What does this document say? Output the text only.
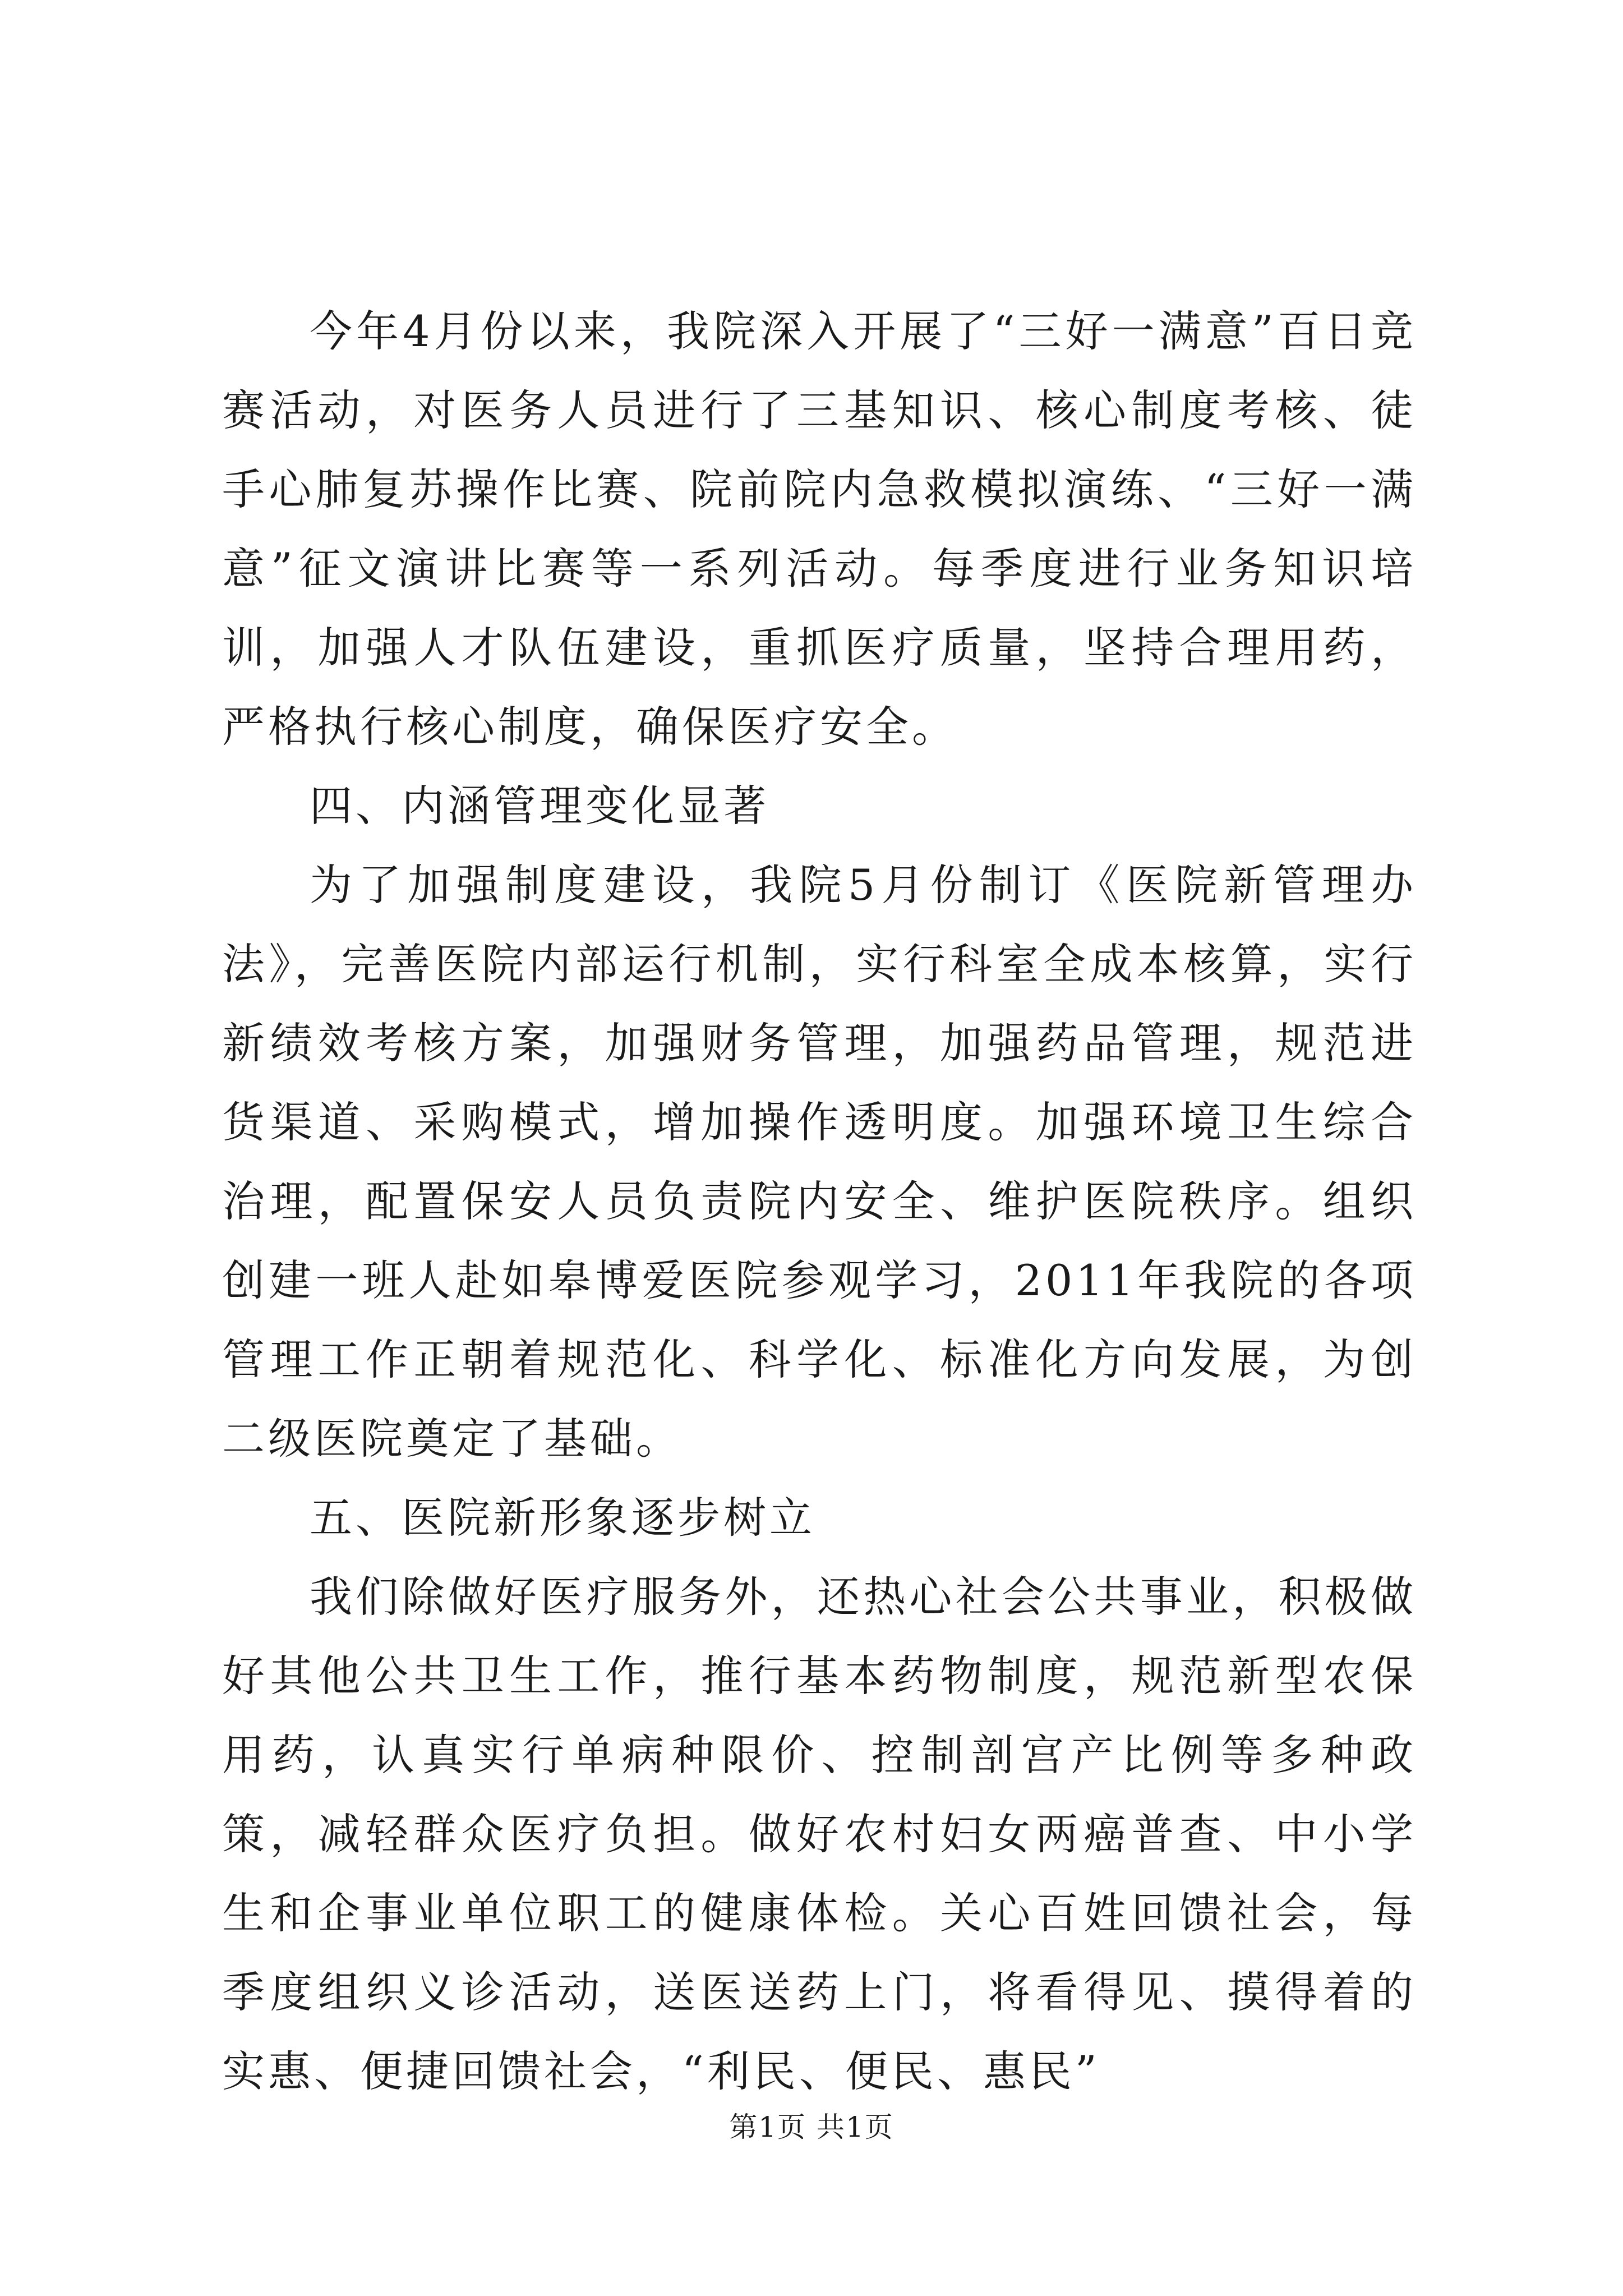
今年4月份以来，我院深入开展了“三好一满意”百日竞赛活动，对医务人员进行了三基知识、核心制度考核、徒手心肺复苏操作比赛、院前院内急救模拟演练、“三好一满意”征文演讲比赛等一系列活动。每季度进行业务知识培训，加强人才队伍建设，重抓医疗质量，坚持合理用药，严格执行核心制度，确保医疗安全。

四、内涵管理变化显著

为了加强制度建设，我院5月份制订《医院新管理办法》，完善医院内部运行机制，实行科室全成本核算，实行新绩效考核方案，加强财务管理，加强药品管理，规范进货渠道、采购模式，增加操作透明度。加强环境卫生综合治理，配置保安人员负责院内安全、维护医院秩序。组织创建一班人赴如皋博爱医院参观学习，2011年我院的各项管理工作正朝着规范化、科学化、标准化方向发展，为创二级医院奠定了基础。

五、医院新形象逐步树立

我们除做好医疗服务外，还热心社会公共事业，积极做好其他公共卫生工作，推行基本药物制度，规范新型农保用药，认真实行单病种限价、控制剖宫产比例等多种政策，减轻群众医疗负担。做好农村妇女两癌普查、中小学生和企事业单位职工的健康体检。关心百姓回馈社会，每季度组织义诊活动，送医送药上门，将看得见、摸得着的实惠、便捷回馈社会，“利民、便民、惠民”

第1页 共1页
